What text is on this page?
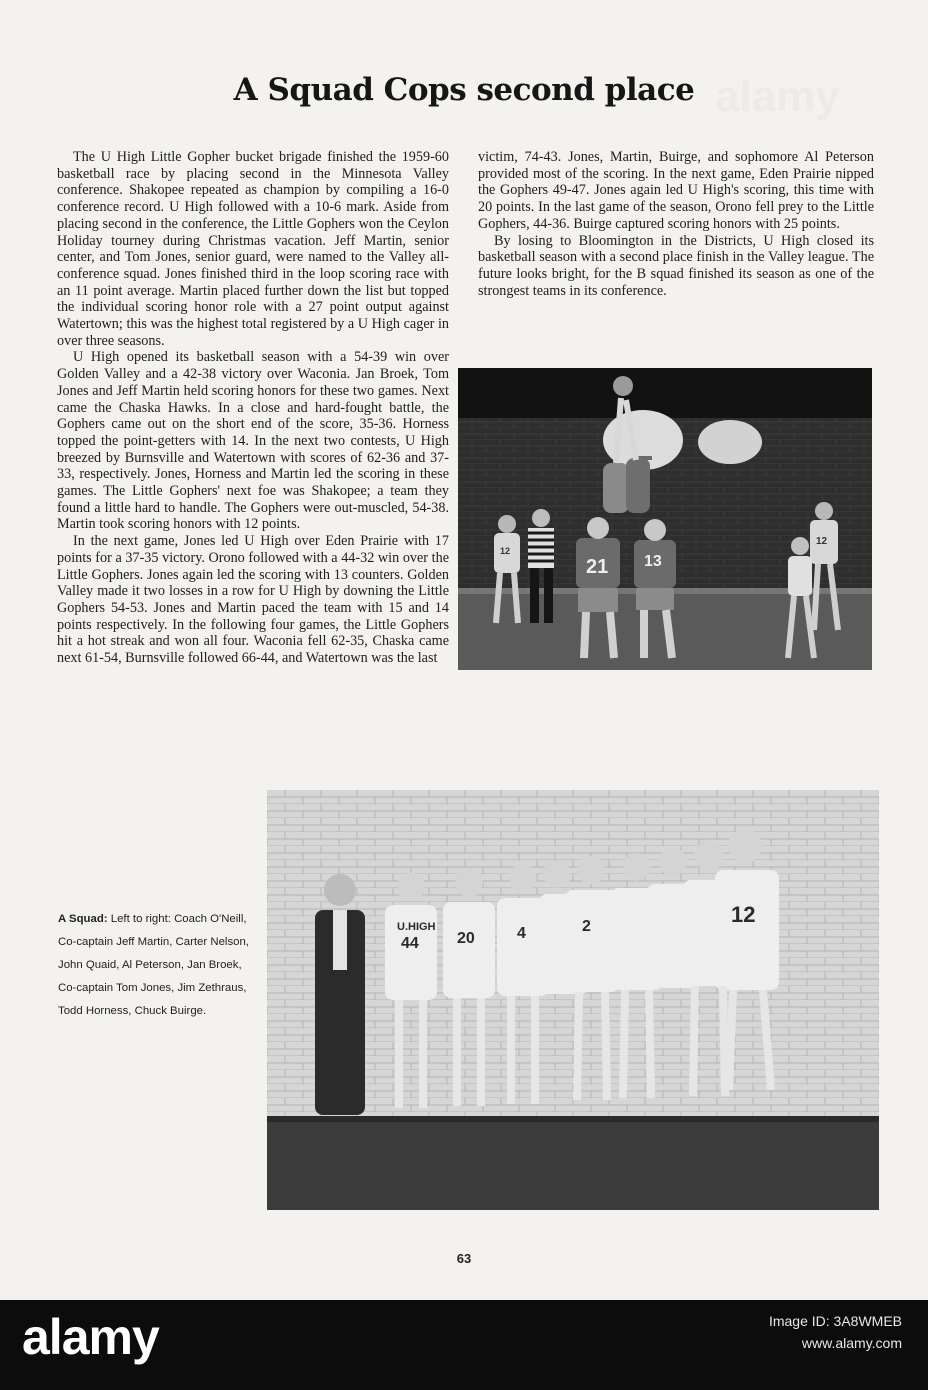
alamy
A Squad Cops second place

The U High Little Gopher bucket brigade finished the 1959-60 basketball race by placing second in the Minnesota Valley conference. Shakopee repeated as champion by compiling a 16-0 conference record. U High followed with a 10-6 mark. Aside from placing second in the conference, the Little Gophers won the Ceylon Holiday tourney during Christmas vacation. Jeff Martin, senior center, and Tom Jones, senior guard, were named to the Valley all-conference squad. Jones finished third in the loop scoring race with an 11 point average. Martin placed further down the list but topped the individual scoring honor role with a 27 point output against Watertown; this was the highest total registered by a U High cager in over three seasons.

U High opened its basketball season with a 54-39 win over Golden Valley and a 42-38 victory over Waconia. Jan Broek, Tom Jones and Jeff Martin held scoring honors for these two games. Next came the Chaska Hawks. In a close and hard-fought battle, the Gophers came out on the short end of the score, 35-36. Horness topped the point-getters with 14. In the next two contests, U High breezed by Burnsville and Watertown with scores of 62-36 and 37-33, respectively. Jones, Horness and Martin led the scoring in these games. The Little Gophers' next foe was Shakopee; a team they found a little hard to handle. The Gophers were out-muscled, 54-38. Martin took scoring honors with 12 points.

In the next game, Jones led U High over Eden Prairie with 17 points for a 37-35 victory. Orono followed with a 44-32 win over the Little Gophers. Jones again led the scoring with 13 counters. Golden Valley made it two losses in a row for U High by downing the Little Gophers 54-53. Jones and Martin paced the team with 15 and 14 points respectively. In the following four games, the Little Gophers hit a hot streak and won all four. Waconia fell 62-35, Chaska came next 61-54, Burnsville followed 66-44, and Watertown was the last

victim, 74-43. Jones, Martin, Buirge, and sophomore Al Peterson provided most of the scoring. In the next game, Eden Prairie nipped the Gophers 49-47. Jones again led U High's scoring, this time with 20 points. In the last game of the season, Orono fell prey to the Little Gophers, 44-36. Buirge captured scoring honors with 25 points.

By losing to Bloomington in the Districts, U High closed its basketball season with a second place finish in the Valley league. The future looks bright, for the B squad finished its season as one of the strongest teams in its conference.

21 13
12
12
U.HIGH
44 20	4	2	12
A Squad: Left to right: Coach O'Neill, Co-captain Jeff Martin, Carter Nelson, John Quaid, Al Peterson, Jan Broek, Co-captain Tom Jones, Jim Zethraus, Todd Horness, Chuck Buirge.
63
alamy	Image ID: 3A8WMEB
www.alamy.com
